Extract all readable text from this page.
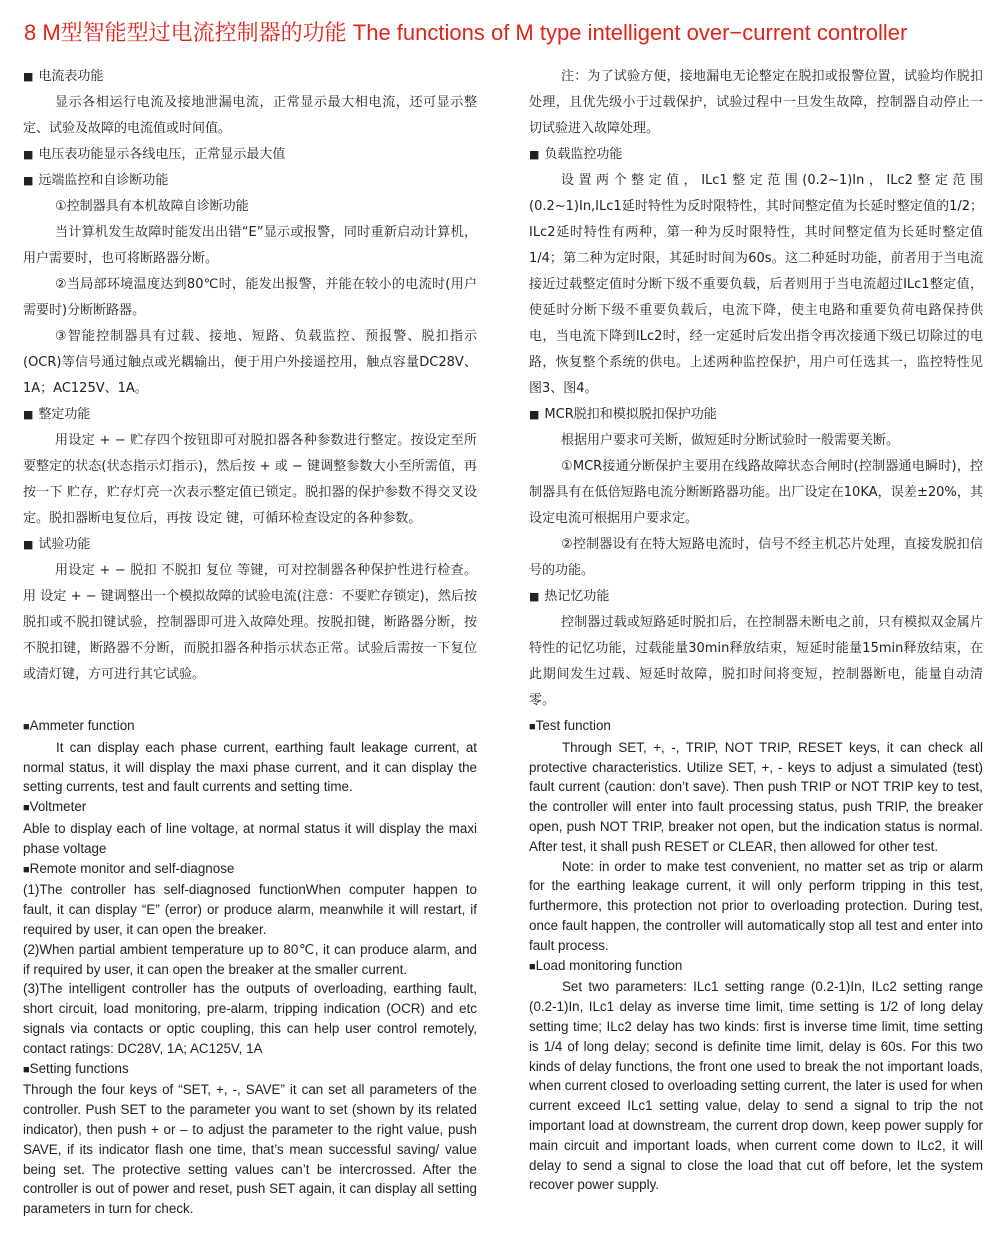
8 M型智能型过电流控制器的功能 The functions of M type intelligent over−current controller

■ 电流表功能

显示各相运行电流及接地泄漏电流，正常显示最大相电流，还可显示整定、试验及故障的电流值或时间值。

■ 电压表功能显示各线电压，正常显示最大值

■ 远端监控和自诊断功能

①控制器具有本机故障自诊断功能

当计算机发生故障时能发出出错“E”显示或报警，同时重新启动计算机，用户需要时，也可将断路器分断。

②当局部环境温度达到80℃时，能发出报警，并能在较小的电流时(用户需要时)分断断路器。

③智能控制器具有过载、接地、短路、负载监控、预报警、脱扣指示(OCR)等信号通过触点或光耦输出，便于用户外接遥控用，触点容量DC28V、1A；AC125V、1A。

■ 整定功能

用设定 + − 贮存四个按钮即可对脱扣器各种参数进行整定。按设定至所要整定的状态(状态指示灯指示)，然后按 + 或 − 键调整参数大小至所需值，再按一下 贮存，贮存灯亮一次表示整定值已锁定。脱扣器的保护参数不得交叉设定。脱扣器断电复位后，再按 设定 键，可循环检查设定的各种参数。

■ 试验功能

用设定 + − 脱扣 不脱扣 复位 等键，可对控制器各种保护性进行检查。用 设定 + − 键调整出一个模拟故障的试验电流(注意：不要贮存锁定)，然后按 脱扣或不脱扣键试验，控制器即可进入故障处理。按脱扣键，断路器分断，按不脱扣键，断路器不分断，而脱扣器各种指示状态正常。试验后需按一下复位或清灯键，方可进行其它试验。

■Ammeter function

It can display each phase current, earthing fault leakage current, at normal status, it will display the maxi phase current, and it can display the setting currents, test and fault currents and setting time.

■Voltmeter

Able to display each of line voltage, at normal status it will display the maxi phase voltage

■Remote monitor and self-diagnose

(1)The controller has self-diagnosed functionWhen computer happen to fault, it can display “E” (error) or produce alarm, meanwhile it will restart, if required by user, it can open the breaker.

(2)When partial ambient temperature up to 80℃, it can produce alarm, and if required by user, it can open the breaker at the smaller current.

(3)The intelligent controller has the outputs of overloading, earthing fault, short circuit, load monitoring, pre-alarm, tripping indication (OCR) and etc signals via contacts or optic coupling, this can help user control remotely, contact ratings: DC28V, 1A; AC125V, 1A

■Setting functions

Through the four keys of “SET, +, -, SAVE” it can set all parameters of the controller. Push SET to the parameter you want to set (shown by its related indicator), then push + or – to adjust the parameter to the right value, push SAVE, if its indicator flash one time, that’s mean successful saving/ value being set. The protective setting values can’t be intercrossed. After the controller is out of power and reset, push SET again, it can display all setting parameters in turn for check.

注：为了试验方便，接地漏电无论整定在脱扣或报警位置，试验均作脱扣处理，且优先级小于过载保护，试验过程中一旦发生故障，控制器自动停止一切试验进入故障处理。

■ 负载监控功能

设置两个整定值，ILc1整定范围(0.2~1)In，ILc2整定范围(0.2~1)In,ILc1延时特性为反时限特性，其时间整定值为长延时整定值的1/2；ILc2延时特性有两种，第一种为反时限特性，其时间整定值为长延时整定值1/4；第二种为定时限，其延时时间为60s。这二种延时功能，前者用于当电流接近过载整定值时分断下级不重要负载，后者则用于当电流超过ILc1整定值，使延时分断下级不重要负载后，电流下降，使主电路和重要负荷电路保持供电，当电流下降到ILc2时，经一定延时后发出指令再次接通下级已切除过的电路，恢复整个系统的供电。上述两种监控保护，用户可任选其一，监控特性见图3、图4。

■ MCR脱扣和模拟脱扣保护功能

根据用户要求可关断，做短延时分断试验时一般需要关断。

①MCR接通分断保护主要用在线路故障状态合闸时(控制器通电瞬时)，控制器具有在低倍短路电流分断断路器功能。出厂设定在10KA，误差±20%，其设定电流可根据用户要求定。

②控制器设有在特大短路电流时，信号不经主机芯片处理，直接发脱扣信号的功能。

■ 热记忆功能

控制器过载或短路延时脱扣后，在控制器未断电之前，只有模拟双金属片特性的记忆功能，过载能量30min释放结束，短延时能量15min释放结束，在此期间发生过载、短延时故障，脱扣时间将变短，控制器断电，能量自动清零。

■Test function

Through SET, +, -, TRIP, NOT TRIP, RESET keys, it can check all protective characteristics. Utilize SET, +, - keys to adjust a simulated (test) fault current (caution: don’t save). Then push TRIP or NOT TRIP key to test, the controller will enter into fault processing status, push TRIP, the breaker open, push NOT TRIP, breaker not open, but the indication status is normal. After test, it shall push RESET or CLEAR, then allowed for other test.

Note: in order to make test convenient, no matter set as trip or alarm for the earthing leakage current, it will only perform tripping in this test, furthermore, this protection not prior to overloading protection. During test, once fault happen, the controller will automatically stop all test and enter into fault process.

■Load monitoring function

Set two parameters: ILc1 setting range (0.2-1)In, ILc2 setting range (0.2-1)In, ILc1 delay as inverse time limit, time setting is 1/2 of long delay setting time; ILc2 delay has two kinds: first is inverse time limit, time setting is 1/4 of long delay; second is definite time limit, delay is 60s. For this two kinds of delay functions, the front one used to break the not important loads, when current closed to overloading setting current, the later is used for when current exceed ILc1 setting value, delay to send a signal to trip the not important load at downstream, the current drop down, keep power supply for main circuit and important loads, when current come down to ILc2, it will delay to send a signal to close the load that cut off before, let the system recover power supply.
